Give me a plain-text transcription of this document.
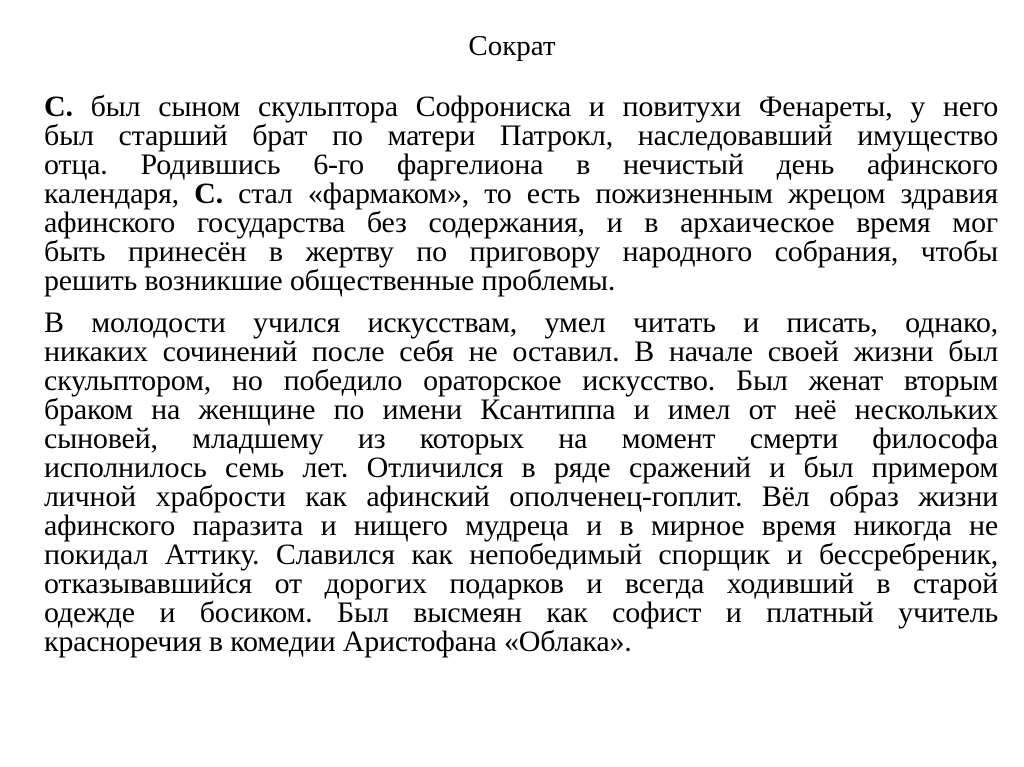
Сократ
С. был сыном скульптора Софрониска и повитухи Фенареты, у него
был старший брат по матери Патрокл, наследовавший имущество
отца. Родившись 6-го фаргелиона в нечистый день афинского
календаря, С. стал «фармаком», то есть пожизненным жрецом здравия
афинского государства без содержания, и в архаическое время мог
быть принесён в жертву по приговору народного собрания, чтобы
решить возникшие общественные проблемы.
В молодости учился искусствам, умел читать и писать, однако,
никаких сочинений после себя не оставил. В начале своей жизни был
скульптором, но победило ораторское искусство. Был женат вторым
браком на женщине по имени Ксантиппа и имел от неё нескольких
сыновей, младшему из которых на момент смерти философа
исполнилось семь лет. Отличился в ряде сражений и был примером
личной храбрости как афинский ополченец-гоплит. Вёл образ жизни
афинского паразита и нищего мудреца и в мирное время никогда не
покидал Аттику. Славился как непобедимый спорщик и бессребреник,
отказывавшийся от дорогих подарков и всегда ходивший в старой
одежде и босиком. Был высмеян как софист и платный учитель
красноречия в комедии Аристофана «Облака».
